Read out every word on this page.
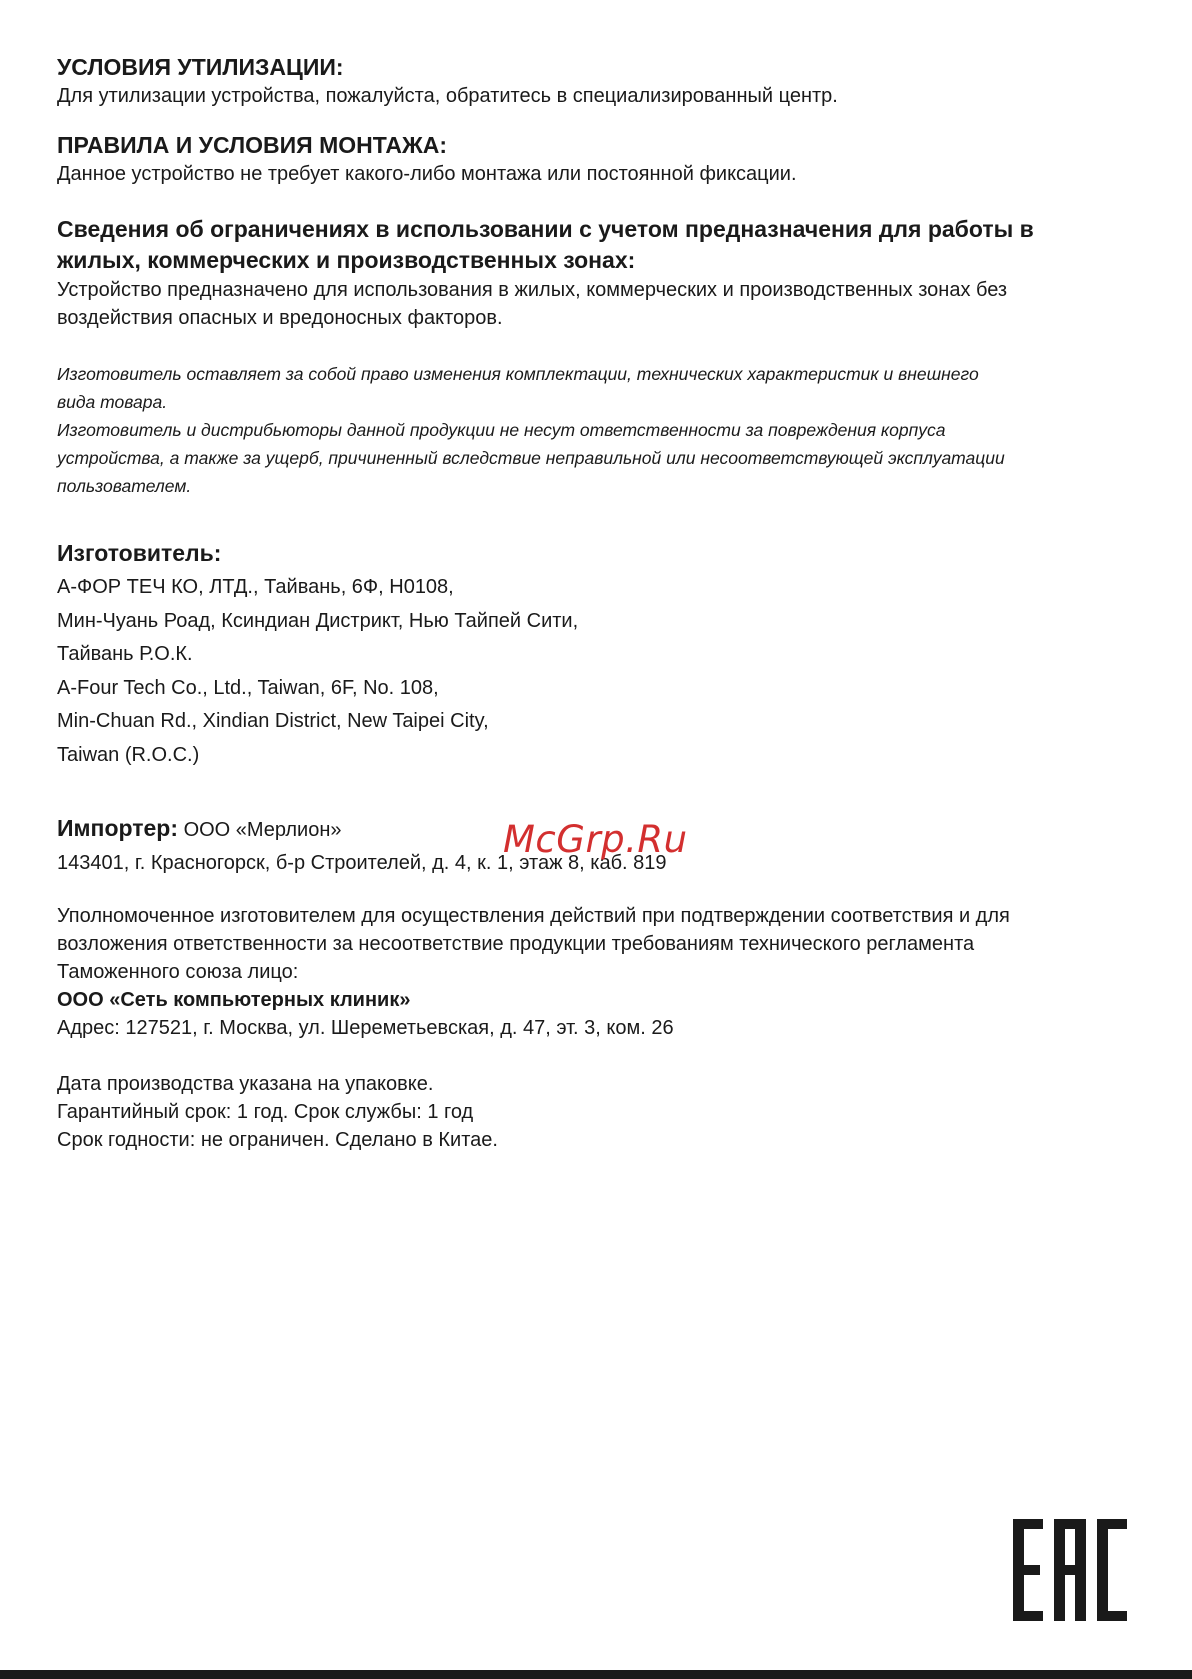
УСЛОВИЯ УТИЛИЗАЦИИ:

Для утилизации устройства, пожалуйста, обратитесь в специализированный центр.

ПРАВИЛА И УСЛОВИЯ МОНТАЖА:

Данное устройство не требует какого-либо монтажа или постоянной фиксации.

Сведения об ограничениях в использовании с учетом предназначения для работы в
жилых, коммерческих и производственных зонах:

Устройство предназначено для использования в жилых, коммерческих и производственных зонах без

воздействия опасных и вредоносных факторов.

Изготовитель оставляет за собой право изменения комплектации, технических характеристик и внешнего

вида товара.

Изготовитель и дистрибьюторы данной продукции не несут ответственности за повреждения корпуса

устройства, а также за ущерб, причиненный вследствие неправильной или несоответствующей эксплуатации

пользователем.

Изготовитель:

А-ФОР ТЕЧ КО, ЛТД., Тайвань, 6Ф, Н0108,

Мин-Чуань Роад, Ксиндиан Дистрикт, Нью Тайпей Сити,

Тайвань Р.О.К.

A-Four Tech Co., Ltd., Taiwan, 6F, No. 108,

Min-Chuan Rd., Xindian District, New Taipei City,

Taiwan (R.O.C.)

Импортер: ООО «Мерлион»
143401, г. Красногорск, б-р Строителей, д. 4, к. 1, этаж 8, каб. 819

Уполномоченное изготовителем для осуществления действий при подтверждении соответствия и для

возложения ответственности за несоответствие продукции требованиям технического регламента

Таможенного союза лицо:

ООО «Сеть компьютерных клиник»

Адрес: 127521, г. Москва, ул. Шереметьевская, д. 47, эт. 3, ком. 26

Дата производства указана на упаковке.

Гарантийный срок: 1 год. Срок службы: 1 год

Срок годности: не ограничен. Сделано в Китае.

McGrp.Ru
